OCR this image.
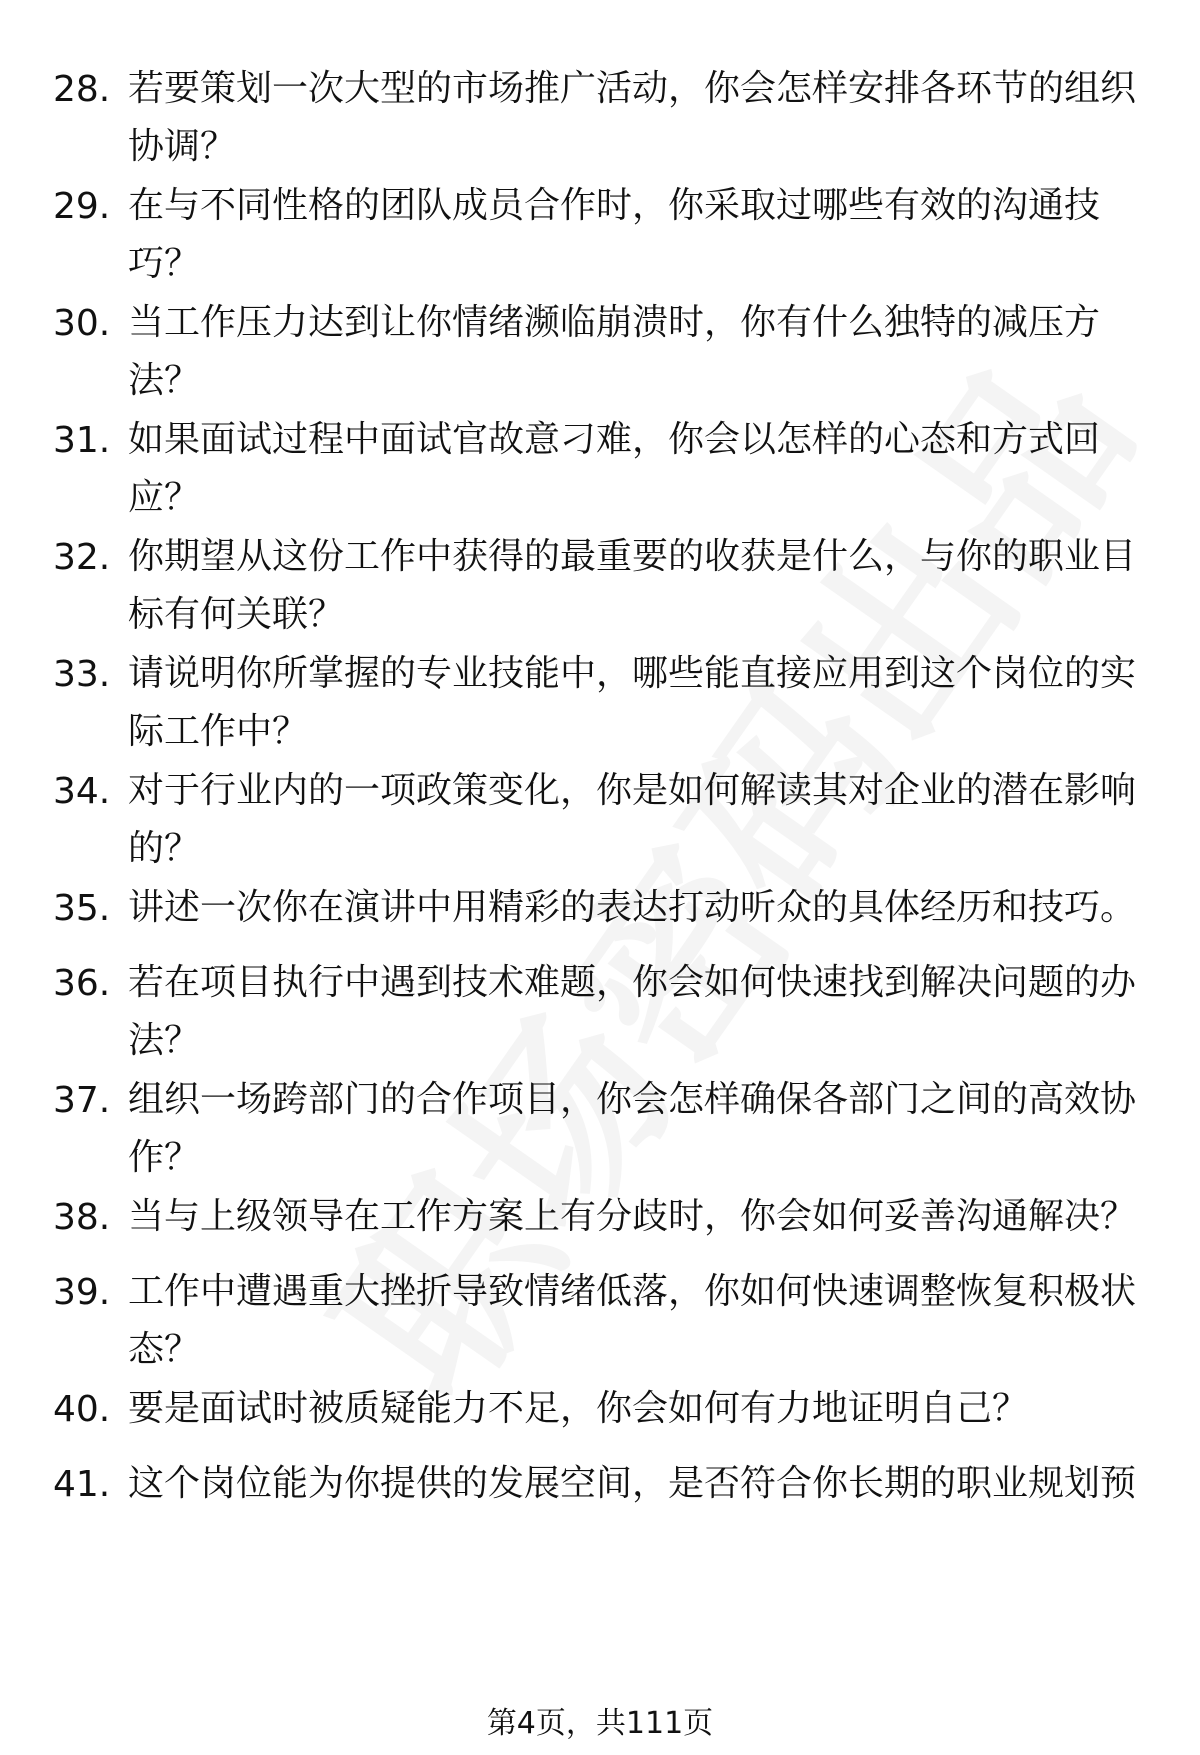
28. 若要策划一次大型的市场推广活动，你会怎样安排各环节的组织协调？
29. 在与不同性格的团队成员合作时，你采取过哪些有效的沟通技巧？
30. 当工作压力达到让你情绪濒临崩溃时，你有什么独特的减压方法？
31. 如果面试过程中面试官故意刁难，你会以怎样的心态和方式回应？
32. 你期望从这份工作中获得的最重要的收获是什么，与你的职业目标有何关联？
33. 请说明你所掌握的专业技能中，哪些能直接应用到这个岗位的实际工作中？
34. 对于行业内的一项政策变化，你是如何解读其对企业的潜在影响的？
35. 讲述一次你在演讲中用精彩的表达打动听众的具体经历和技巧。
36. 若在项目执行中遇到技术难题，你会如何快速找到解决问题的办法？
37. 组织一场跨部门的合作项目，你会怎样确保各部门之间的高效协作？
38. 当与上级领导在工作方案上有分歧时，你会如何妥善沟通解决？
39. 工作中遭遇重大挫折导致情绪低落，你如何快速调整恢复积极状态？
40. 要是面试时被质疑能力不足，你会如何有力地证明自己？
41. 这个岗位能为你提供的发展空间，是否符合你长期的职业规划预
第4页，共111页
